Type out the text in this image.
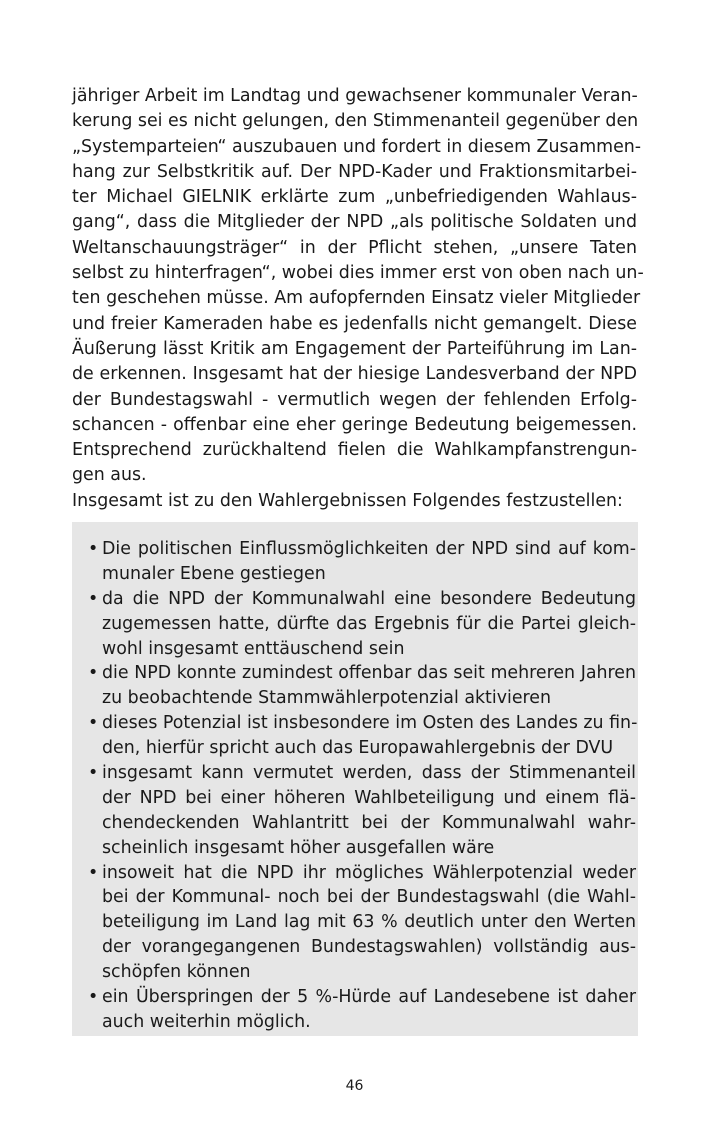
jähriger Arbeit im Landtag und gewachsener kommunaler Veran-
kerung sei es nicht gelungen, den Stimmenanteil gegenüber den
„Systemparteien“ auszubauen und fordert in diesem Zusammen-
hang zur Selbstkritik auf. Der NPD-Kader und Fraktionsmitarbei-
ter Michael GIELNIK erklärte zum „unbefriedigenden Wahlaus-
gang“, dass die Mitglieder der NPD „als politische Soldaten und
Weltanschauungsträger“ in der Pflicht stehen, „unsere Taten
selbst zu hinterfragen“, wobei dies immer erst von oben nach un-
ten geschehen müsse. Am aufopfernden Einsatz vieler Mitglieder
und freier Kameraden habe es jedenfalls nicht gemangelt. Diese
Äußerung lässt Kritik am Engagement der Parteiführung im Lan-
de erkennen. Insgesamt hat der hiesige Landesverband der NPD
der Bundestagswahl - vermutlich wegen der fehlenden Erfolg-
schancen - offenbar eine eher geringe Bedeutung beigemessen.
Entsprechend zurückhaltend fielen die Wahlkampfanstrengun-
gen aus.
Insgesamt ist zu den Wahlergebnissen Folgendes festzustellen:
• Die politischen Einflussmöglichkeiten der NPD sind auf kom-
munaler Ebene gestiegen
• da die NPD der Kommunalwahl eine besondere Bedeutung
zugemessen hatte, dürfte das Ergebnis für die Partei gleich-
wohl insgesamt enttäuschend sein
• die NPD konnte zumindest offenbar das seit mehreren Jahren
zu beobachtende Stammwählerpotenzial aktivieren
• dieses Potenzial ist insbesondere im Osten des Landes zu fin-
den, hierfür spricht auch das Europawahlergebnis der DVU
• insgesamt kann vermutet werden, dass der Stimmenanteil
der NPD bei einer höheren Wahlbeteiligung und einem flä-
chendeckenden Wahlantritt bei der Kommunalwahl wahr-
scheinlich insgesamt höher ausgefallen wäre
• insoweit hat die NPD ihr mögliches Wählerpotenzial weder
bei der Kommunal- noch bei der Bundestagswahl (die Wahl-
beteiligung im Land lag mit 63 % deutlich unter den Werten
der vorangegangenen Bundestagswahlen) vollständig aus-
schöpfen können
• ein Überspringen der 5 %-Hürde auf Landesebene ist daher
auch weiterhin möglich.
46
